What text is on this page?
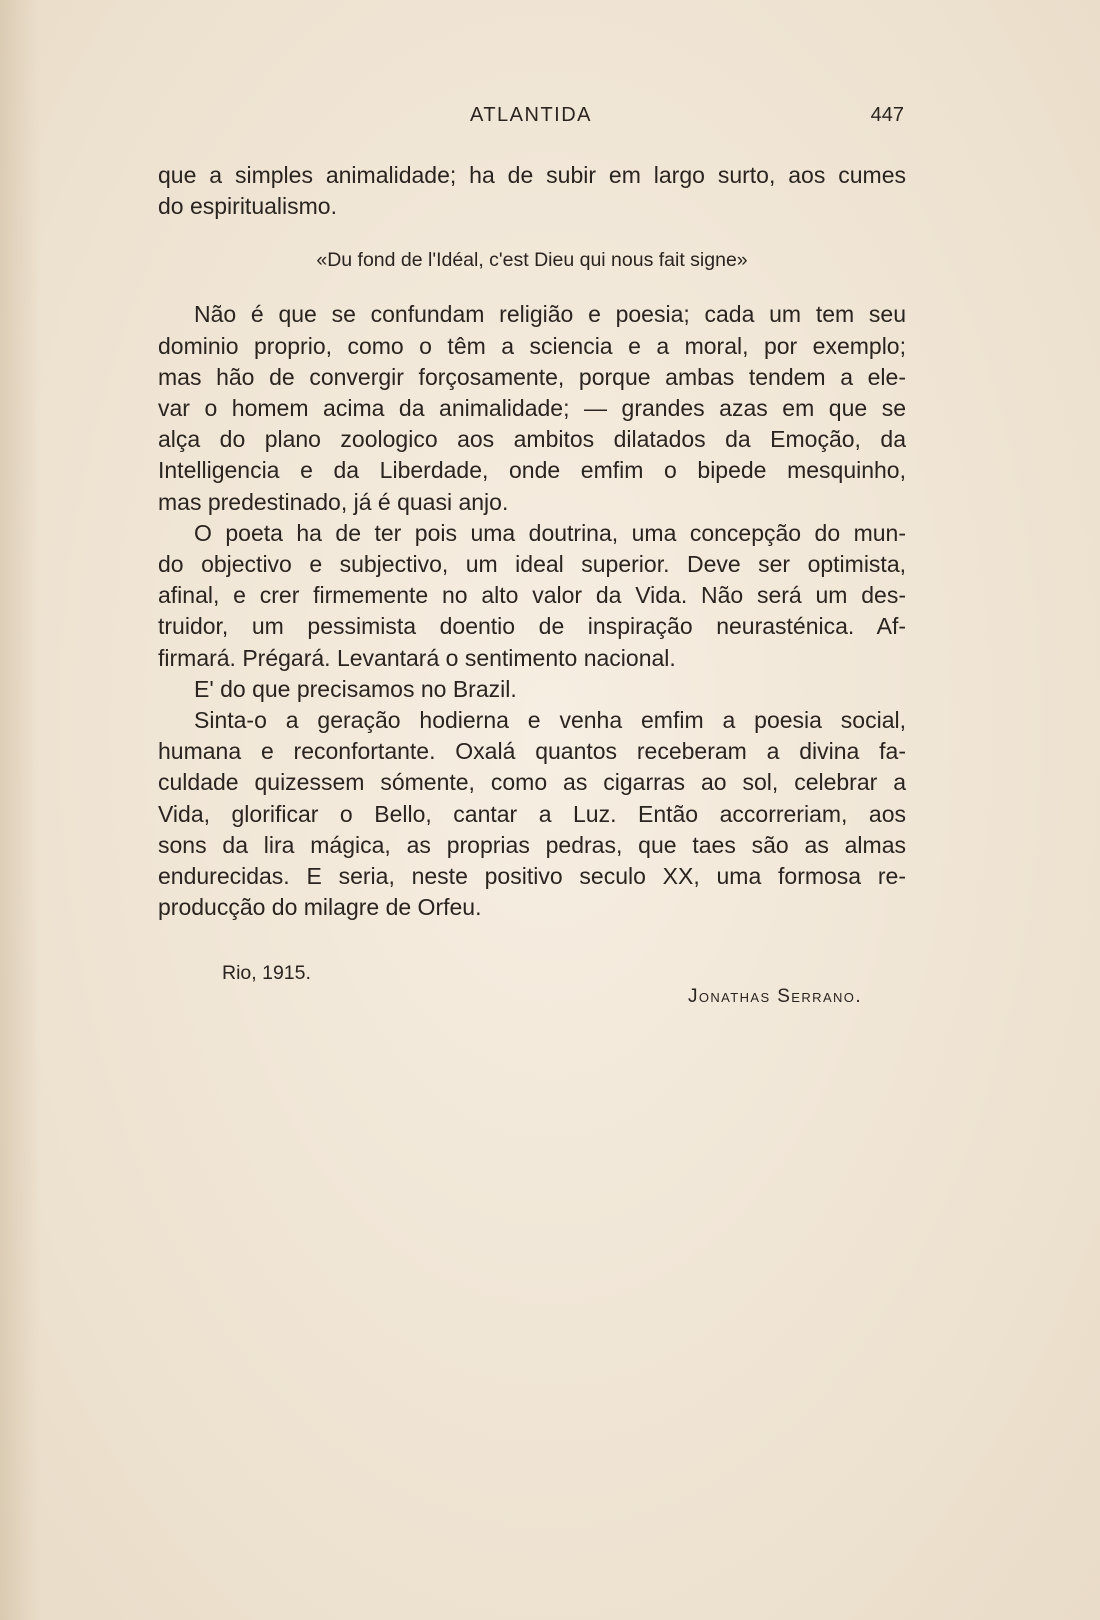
ATLANTIDA	447
que a simples animalidade; ha de subir em largo surto, aos cumes
do espiritualismo.
«Du fond de l'Idéal, c'est Dieu qui nous fait signe»
Não é que se confundam religião e poesia; cada um tem seu
dominio proprio, como o têm a sciencia e a moral, por exemplo;
mas hão de convergir forçosamente, porque ambas tendem a ele-
var o homem acima da animalidade; — grandes azas em que se
alça do plano zoologico aos ambitos dilatados da Emoção, da
Intelligencia e da Liberdade, onde emfim o bipede mesquinho,
mas predestinado, já é quasi anjo.
O poeta ha de ter pois uma doutrina, uma concepção do mun-
do objectivo e subjectivo, um ideal superior. Deve ser optimista,
afinal, e crer firmemente no alto valor da Vida. Não será um des-
truidor, um pessimista doentio de inspiração neurasténica. Af-
firmará. Prégará. Levantará o sentimento nacional.
E' do que precisamos no Brazil.
Sinta-o a geração hodierna e venha emfim a poesia social,
humana e reconfortante. Oxalá quantos receberam a divina fa-
culdade quizessem sómente, como as cigarras ao sol, celebrar a
Vida, glorificar o Bello, cantar a Luz. Então accorreriam, aos
sons da lira mágica, as proprias pedras, que taes são as almas
endurecidas. E seria, neste positivo seculo XX, uma formosa re-
producção do milagre de Orfeu.
Rio, 1915.
Jonathas Serrano.
